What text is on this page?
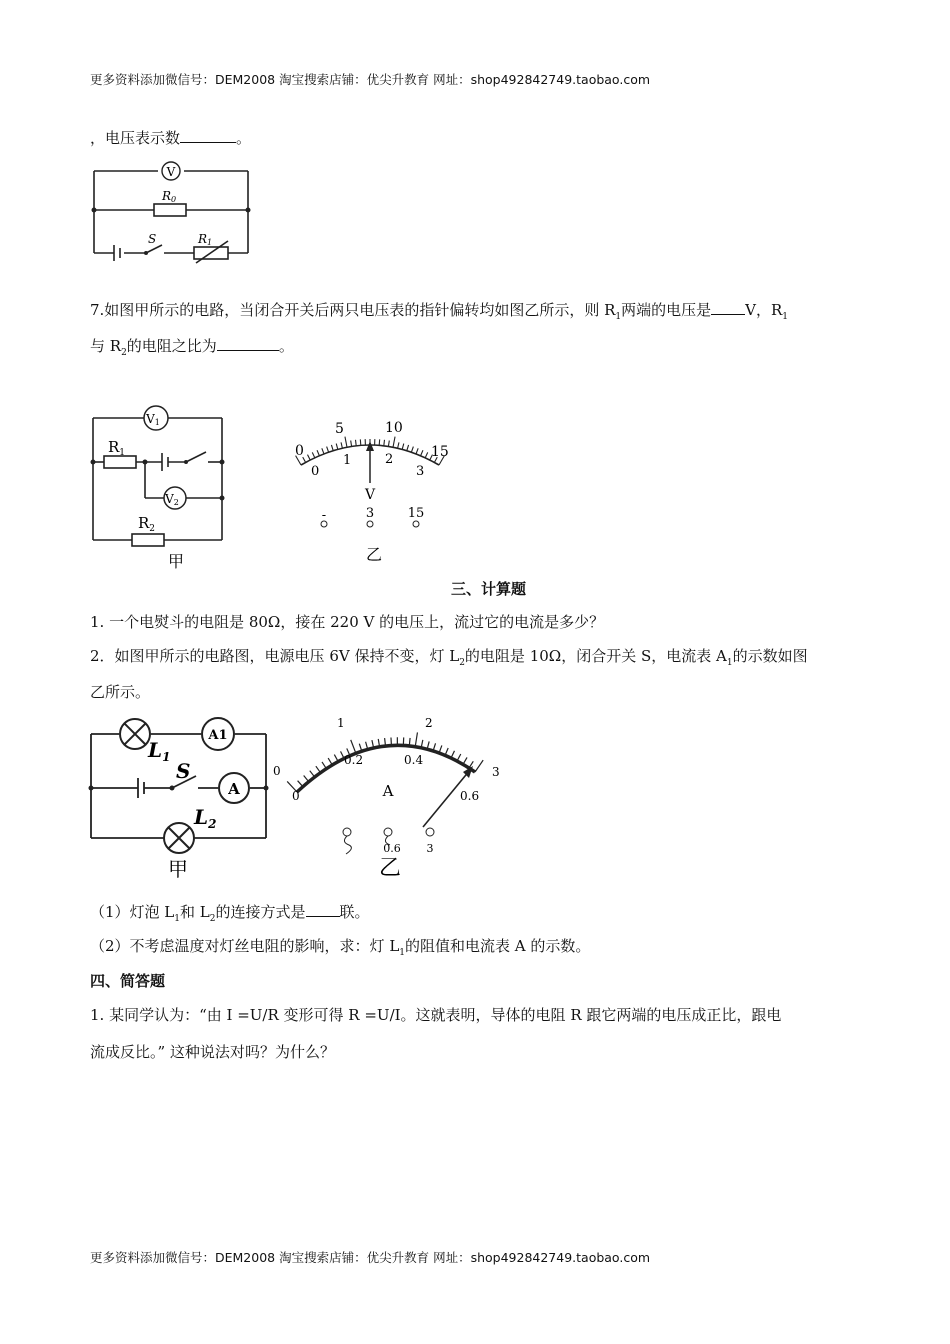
更多资料添加微信号：DEM2008 淘宝搜索店铺：优尖升教育 网址：shop492842749.taobao.com
，电压表示数	。
V
R0
S	R1
7.如图甲所示的电路，当闭合开关后两只电压表的指针偏转均如图乙所示，则 $R_1$两端的电压是 V，$R_1$
与 $R_2$的电阻之比为	。
V1
V2
$R_1$
$R_2$
甲
0
5	10
15
0
1	2
3
V
-	3	15
乙
三、计算题
1. 一个电熨斗的电阻是 80Ω，接在 220 V 的电压上，流过它的电流是多少？
2．如图甲所示的电路图，电源电压 6V 保持不变，灯 $L_2$的电阻是 10Ω，闭合开关 S，电流表 $A_1$的示数如图
乙所示。
A1
A
$L_1$
S
$L_2$
甲
0
1	2
3
0
0.2	0.4
0.6
A
0.6 3
乙
（1）灯泡 $L_1$和 $L_2$的连接方式是 联。
（2）不考虑温度对灯丝电阻的影响，求：灯 $L_1$的阻值和电流表 A 的示数。
四、简答题
1. 某同学认为：“由 I =U/R 变形可得 R =U/I。这就表明，导体的电阻 R 跟它两端的电压成正比，跟电
流成反比。” 这种说法对吗？为什么？
更多资料添加微信号：DEM2008 淘宝搜索店铺：优尖升教育 网址：shop492842749.taobao.com
